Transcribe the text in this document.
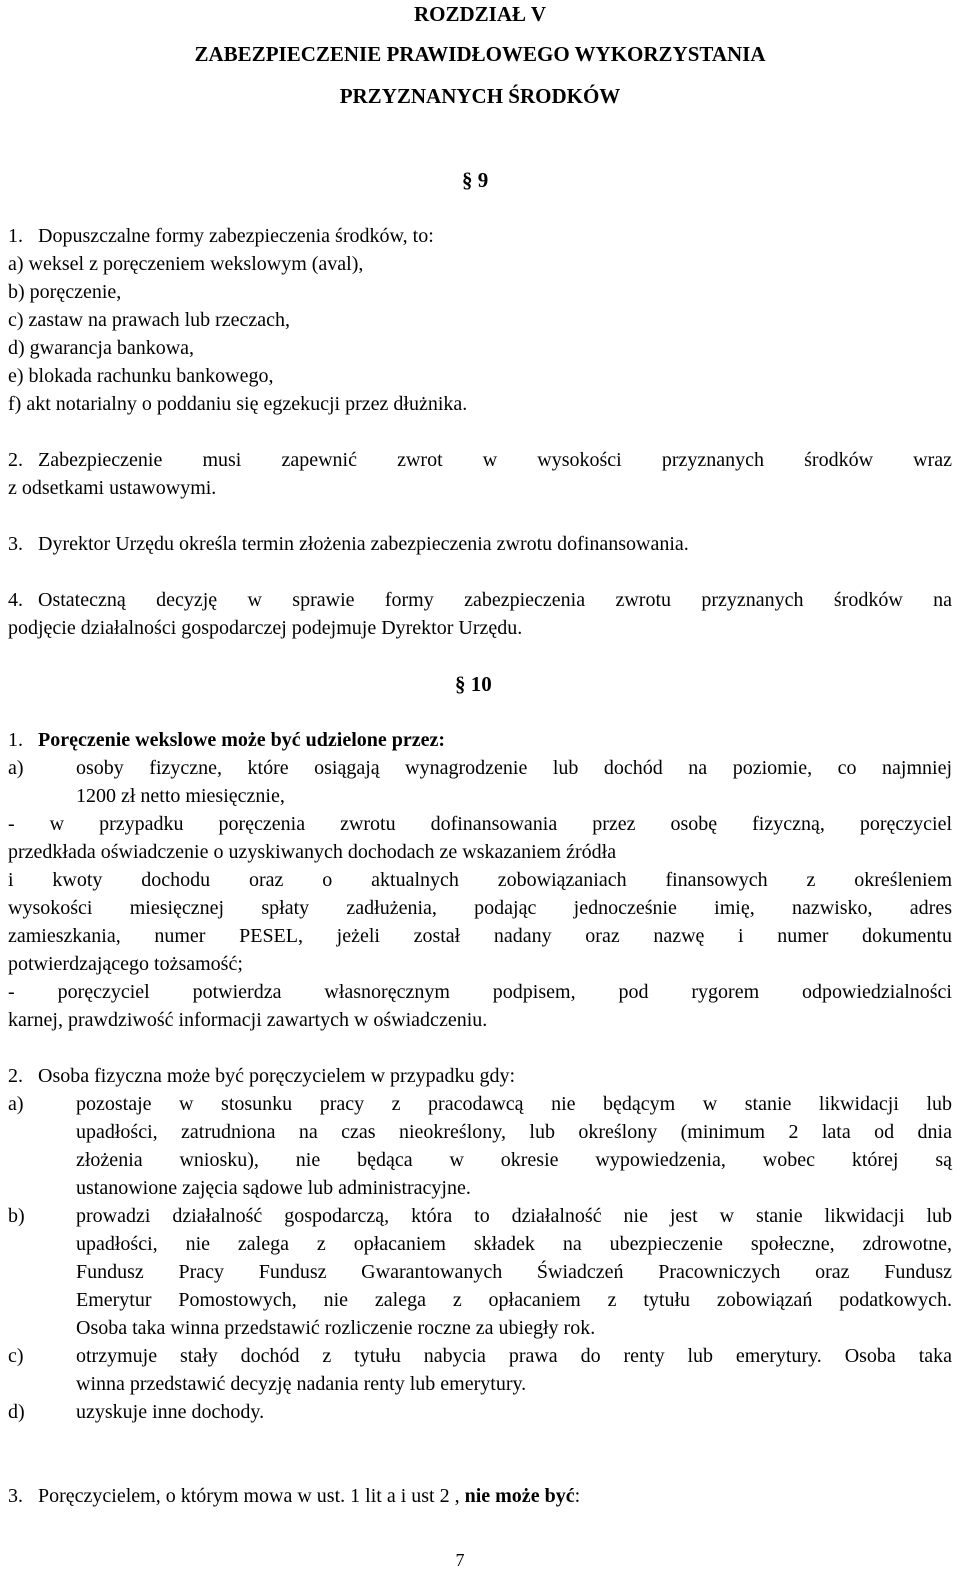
ROZDZIAŁ V
ZABEZPIECZENIE PRAWIDŁOWEGO WYKORZYSTANIA
PRZYZNANYCH ŚRODKÓW
§ 9
1. Dopuszczalne formy zabezpieczenia środków, to:
a) weksel z poręczeniem wekslowym (aval),
b) poręczenie,
c) zastaw na prawach lub rzeczach,
d) gwarancja bankowa,
e) blokada rachunku bankowego,
f) akt notarialny o poddaniu się egzekucji przez dłużnika.
2. Zabezpieczenie musi zapewnić zwrot w wysokości przyznanych środków wraz
z odsetkami ustawowymi.
3. Dyrektor Urzędu określa termin złożenia zabezpieczenia zwrotu dofinansowania.
4. Ostateczną decyzję w sprawie formy zabezpieczenia zwrotu przyznanych środków na
podjęcie działalności gospodarczej podejmuje Dyrektor Urzędu.
§ 10
1. Poręczenie wekslowe może być udzielone przez:
a)	osoby fizyczne, które osiągają wynagrodzenie lub dochód na poziomie, co najmniej
1200 zł netto miesięcznie,
- w przypadku poręczenia zwrotu dofinansowania przez osobę fizyczną, poręczyciel
przedkłada oświadczenie o uzyskiwanych dochodach ze wskazaniem źródła
i kwoty dochodu oraz o aktualnych zobowiązaniach finansowych z określeniem
wysokości miesięcznej spłaty zadłużenia, podając jednocześnie imię, nazwisko, adres
zamieszkania, numer PESEL, jeżeli został nadany oraz nazwę i numer dokumentu
potwierdzającego tożsamość;
- poręczyciel potwierdza własnoręcznym podpisem, pod rygorem odpowiedzialności
karnej, prawdziwość informacji zawartych w oświadczeniu.
2. Osoba fizyczna może być poręczycielem w przypadku gdy:
a)	pozostaje w stosunku pracy z pracodawcą nie będącym w stanie likwidacji lub
upadłości, zatrudniona na czas nieokreślony, lub określony (minimum 2 lata od dnia
złożenia wniosku), nie będąca w okresie wypowiedzenia, wobec której są
ustanowione zajęcia sądowe lub administracyjne.
b)	prowadzi działalność gospodarczą, która to działalność nie jest w stanie likwidacji lub
upadłości, nie zalega z opłacaniem składek na ubezpieczenie społeczne, zdrowotne,
Fundusz Pracy Fundusz Gwarantowanych Świadczeń Pracowniczych oraz Fundusz
Emerytur Pomostowych, nie zalega z opłacaniem z tytułu zobowiązań podatkowych.
Osoba taka winna przedstawić rozliczenie roczne za ubiegły rok.
c)	otrzymuje stały dochód z tytułu nabycia prawa do renty lub emerytury. Osoba taka
winna przedstawić decyzję nadania renty lub emerytury.
d)	uzyskuje inne dochody.
3. Poręczycielem, o którym mowa w ust. 1 lit a i ust 2 , nie może być:
7
